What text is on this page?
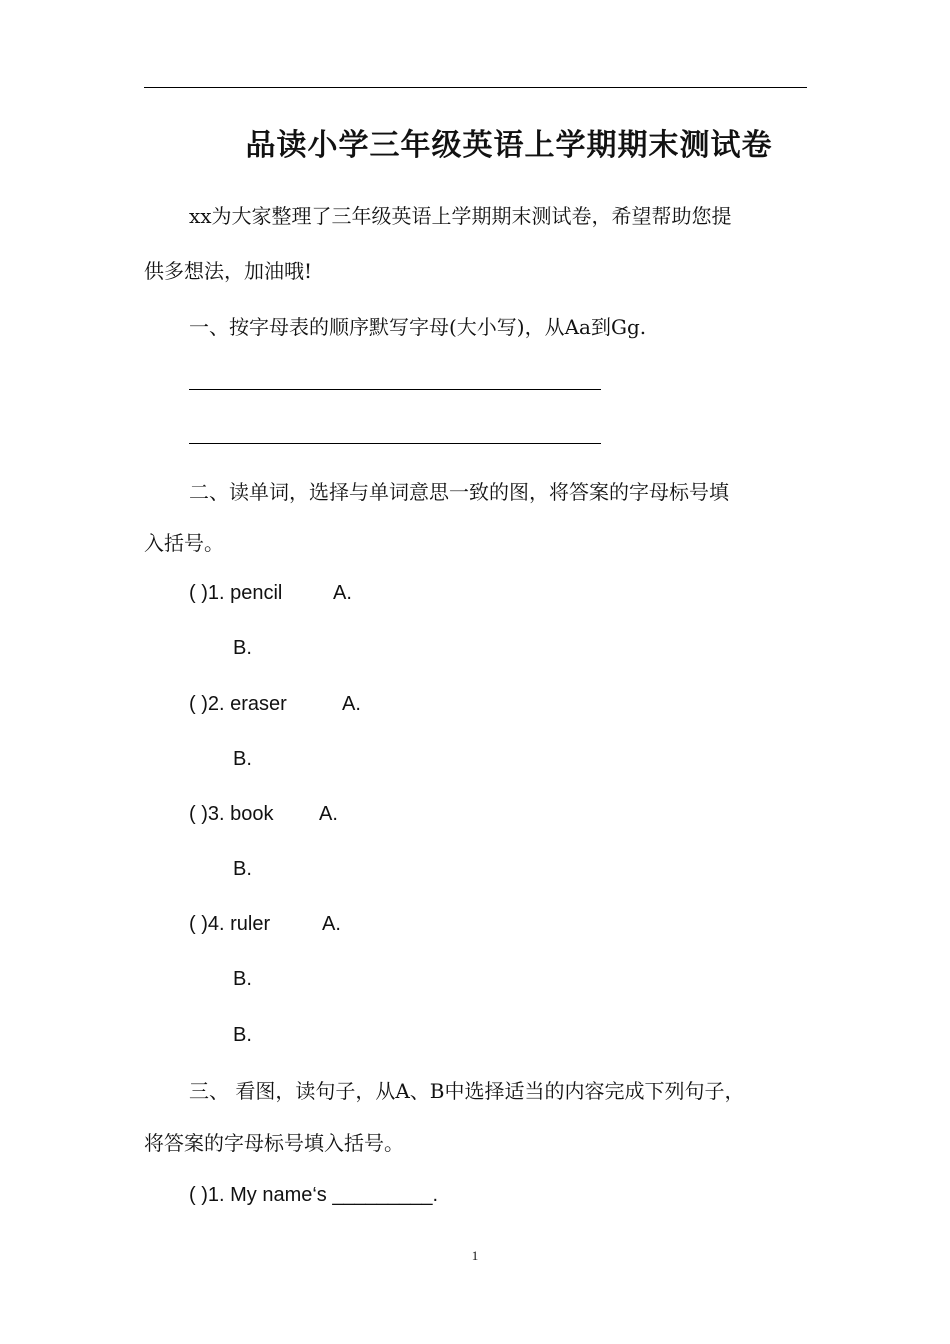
品读小学三年级英语上学期期末测试卷
xx为大家整理了三年级英语上学期期末测试卷，希望帮助您提
供多想法，加油哦!
一、按字母表的顺序默写字母(大小写)，从Aa到Gg.
二、读单词，选择与单词意思一致的图，将答案的字母标号填
入括号。
( )1. pencil	A.
B.
( )2. eraser	A.
B.
( )3. book A.
B.
( )4. ruler	A.
B.
B.
三、 看图，读句子，从A、B中选择适当的内容完成下列句子，
将答案的字母标号填入括号。
( )1. My name‘s _________.
1
